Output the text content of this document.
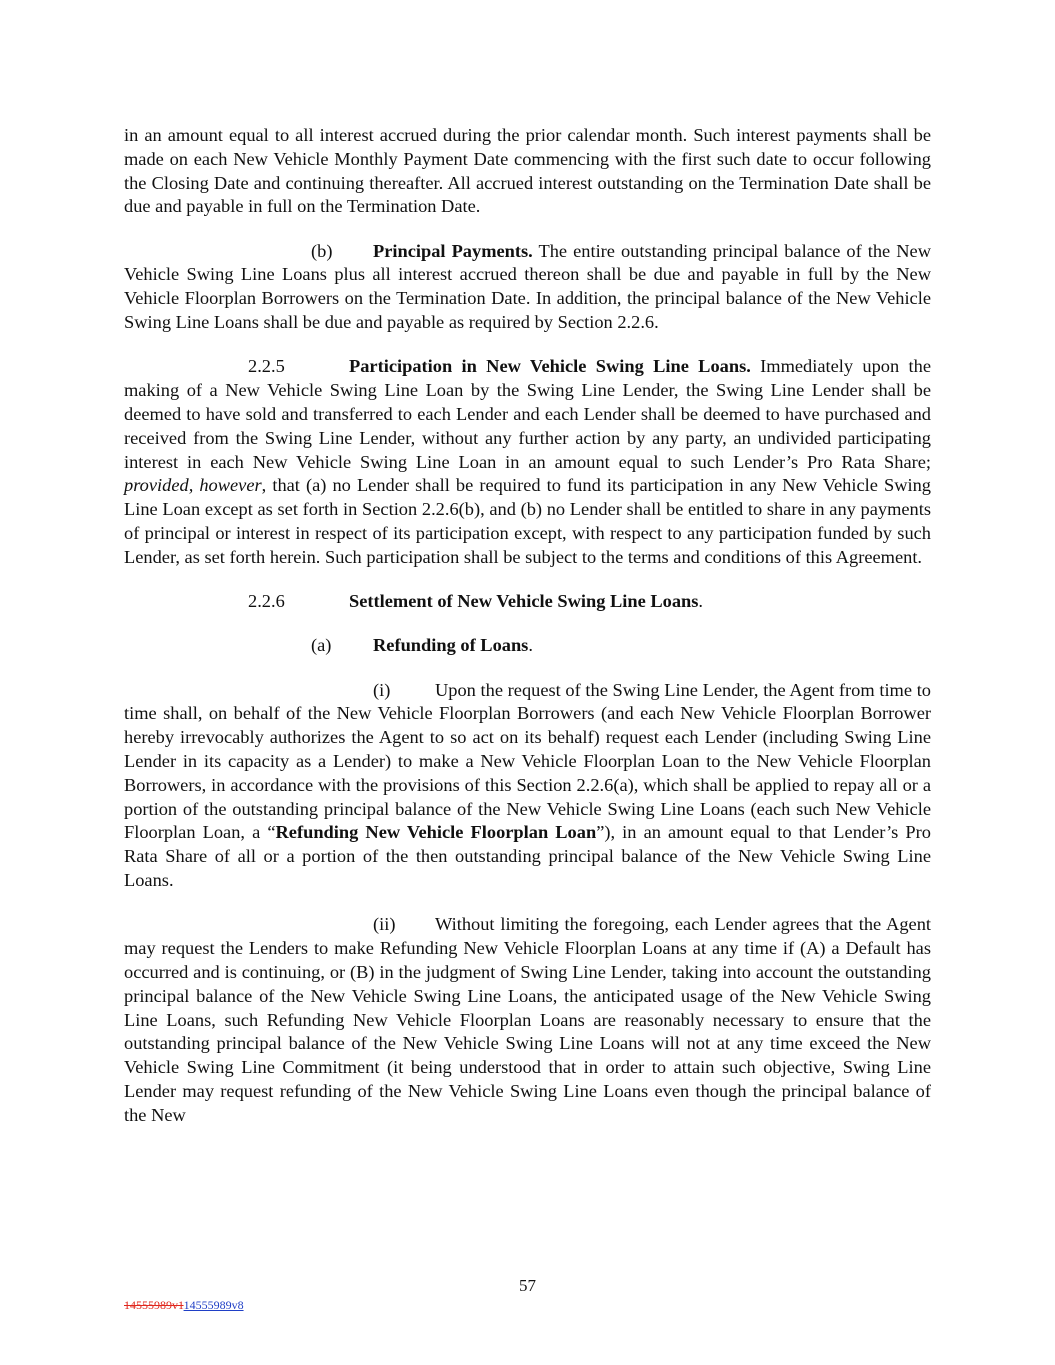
in an amount equal to all interest accrued during the prior calendar month. Such interest payments shall be made on each New Vehicle Monthly Payment Date commencing with the first such date to occur following the Closing Date and continuing thereafter. All accrued interest outstanding on the Termination Date shall be due and payable in full on the Termination Date.

(b) Principal Payments. The entire outstanding principal balance of the New Vehicle Swing Line Loans plus all interest accrued thereon shall be due and payable in full by the New Vehicle Floorplan Borrowers on the Termination Date. In addition, the principal balance of the New Vehicle Swing Line Loans shall be due and payable as required by Section 2.2.6.

2.2.5	Participation in New Vehicle Swing Line Loans. Immediately upon the making of a New Vehicle Swing Line Loan by the Swing Line Lender, the Swing Line Lender shall be deemed to have sold and transferred to each Lender and each Lender shall be deemed to have purchased and received from the Swing Line Lender, without any further action by any party, an undivided participating interest in each New Vehicle Swing Line Loan in an amount equal to such Lender’s Pro Rata Share; provided, however, that (a) no Lender shall be required to fund its participation in any New Vehicle Swing Line Loan except as set forth in Section 2.2.6(b), and (b) no Lender shall be entitled to share in any payments of principal or interest in respect of its participation except, with respect to any participation funded by such Lender, as set forth herein. Such participation shall be subject to the terms and conditions of this Agreement.

2.2.6	Settlement of New Vehicle Swing Line Loans.

(a) Refunding of Loans.

(i) Upon the request of the Swing Line Lender, the Agent from time to time shall, on behalf of the New Vehicle Floorplan Borrowers (and each New Vehicle Floorplan Borrower hereby irrevocably authorizes the Agent to so act on its behalf) request each Lender (including Swing Line Lender in its capacity as a Lender) to make a New Vehicle Floorplan Loan to the New Vehicle Floorplan Borrowers, in accordance with the provisions of this Section 2.2.6(a), which shall be applied to repay all or a portion of the outstanding principal balance of the New Vehicle Swing Line Loans (each such New Vehicle Floorplan Loan, a “Refunding New Vehicle Floorplan Loan”), in an amount equal to that Lender’s Pro Rata Share of all or a portion of the then outstanding principal balance of the New Vehicle Swing Line Loans.

(ii) Without limiting the foregoing, each Lender agrees that the Agent may request the Lenders to make Refunding New Vehicle Floorplan Loans at any time if (A) a Default has occurred and is continuing, or (B) in the judgment of Swing Line Lender, taking into account the outstanding principal balance of the New Vehicle Swing Line Loans, the anticipated usage of the New Vehicle Swing Line Loans, such Refunding New Vehicle Floorplan Loans are reasonably necessary to ensure that the outstanding principal balance of the New Vehicle Swing Line Loans will not at any time exceed the New Vehicle Swing Line Commitment (it being understood that in order to attain such objective, Swing Line Lender may request refunding of the New Vehicle Swing Line Loans even though the principal balance of the New

57
14555989v114555989v8
